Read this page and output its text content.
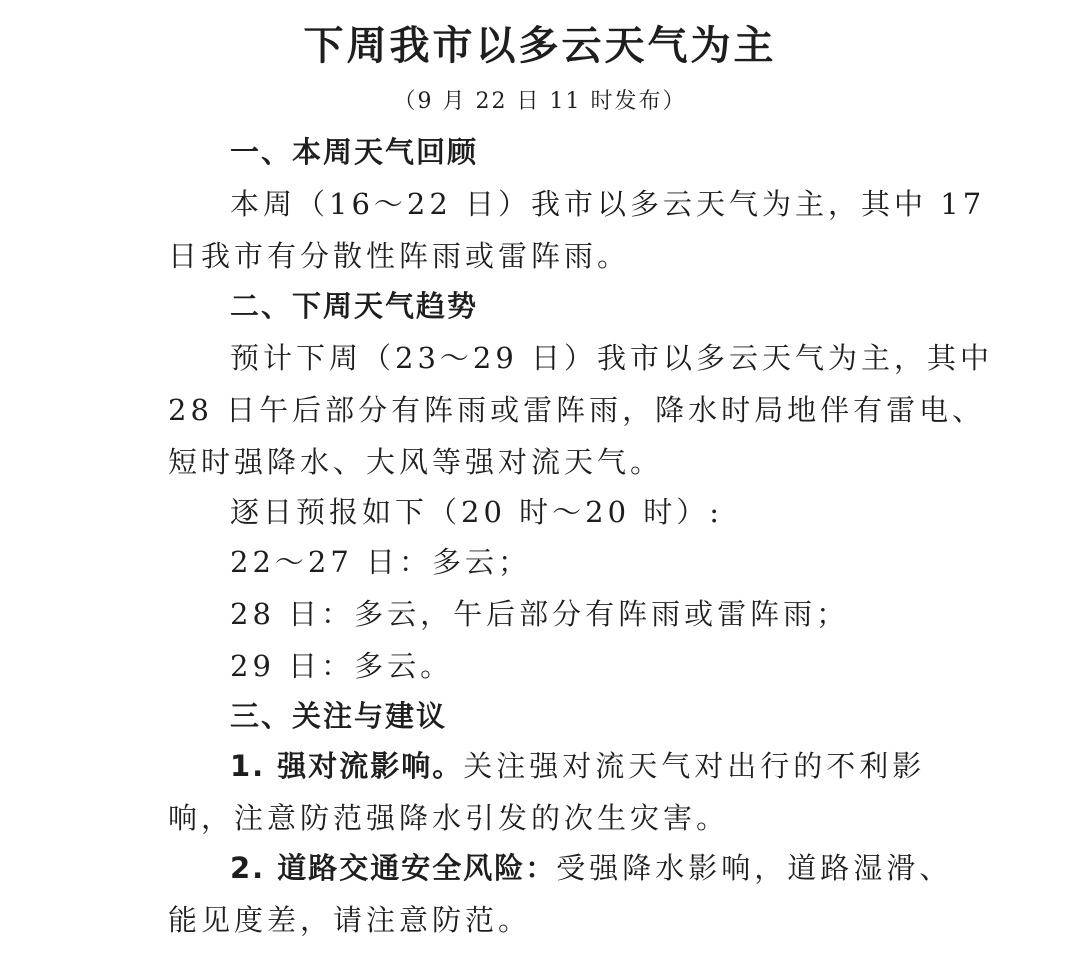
下周我市以多云天气为主
（9 月 22 日 11 时发布）
一、本周天气回顾
本周（16～22 日）我市以多云天气为主，其中 17
日我市有分散性阵雨或雷阵雨。
二、下周天气趋势
预计下周（23～29 日）我市以多云天气为主，其中
28 日午后部分有阵雨或雷阵雨，降水时局地伴有雷电、
短时强降水、大风等强对流天气。
逐日预报如下（20 时～20 时）:
22～27 日：多云；
28 日：多云，午后部分有阵雨或雷阵雨；
29 日：多云。
三、关注与建议
1. 强对流影响。关注强对流天气对出行的不利影
响，注意防范强降水引发的次生灾害。
2. 道路交通安全风险：受强降水影响，道路湿滑、
能见度差，请注意防范。
